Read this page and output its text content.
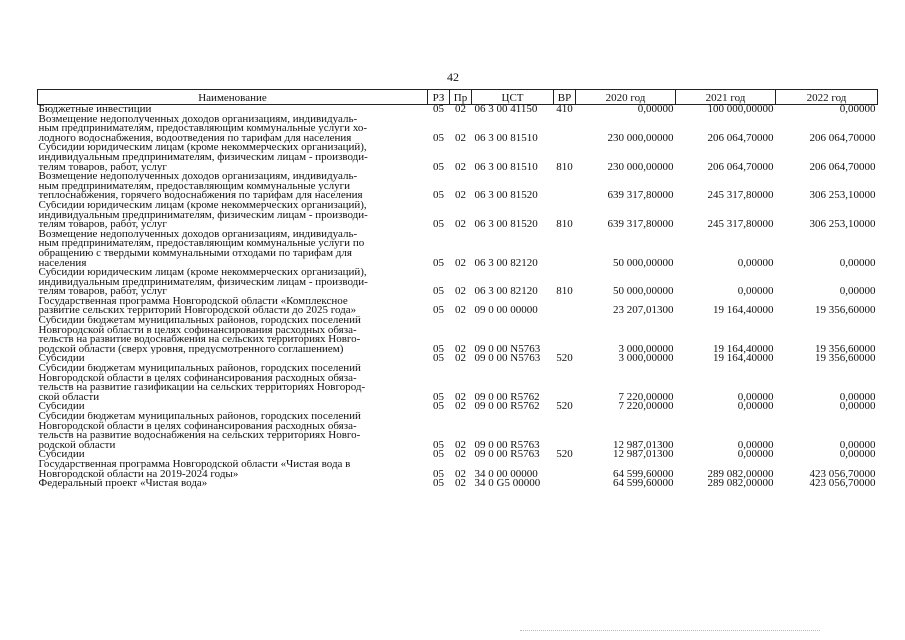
42
Наименование	РЗ	Пр	ЦСТ	ВР	2020 год	2021 год	2022 год
Бюджетные инвестиции	05	02	06 3 00 41150	410	0,00000	100 000,00000	0,00000
Возмещение недополученных доходов организациям, индивидуаль-
ным предпринимателям, предоставляющим коммунальные услуги хо-
лодного водоснабжения, водоотведения по тарифам для населения	05	02	06 3 00 81510		230 000,00000	206 064,70000	206 064,70000
Субсидии юридическим лицам (кроме некоммерческих организаций),
индивидуальным предпринимателям, физическим лицам - производи-
телям товаров, работ, услуг	05	02	06 3 00 81510	810	230 000,00000	206 064,70000	206 064,70000
Возмещение недополученных доходов организациям, индивидуаль-
ным предпринимателям, предоставляющим коммунальные услуги
теплоснабжения, горячего водоснабжения по тарифам для населения	05	02	06 3 00 81520		639 317,80000	245 317,80000	306 253,10000
Субсидии юридическим лицам (кроме некоммерческих организаций),
индивидуальным предпринимателям, физическим лицам - производи-
телям товаров, работ, услуг	05	02	06 3 00 81520	810	639 317,80000	245 317,80000	306 253,10000
Возмещение недополученных доходов организациям, индивидуаль-
ным предпринимателям, предоставляющим коммунальные услуги по
обращению с твердыми коммунальными отходами по тарифам для
населения	05	02	06 3 00 82120		50 000,00000	0,00000	0,00000
Субсидии юридическим лицам (кроме некоммерческих организаций),
индивидуальным предпринимателям, физическим лицам - производи-
телям товаров, работ, услуг	05	02	06 3 00 82120	810	50 000,00000	0,00000	0,00000
Государственная программа Новгородской области «Комплексное
развитие сельских территорий Новгородской области до 2025 года»	05	02	09 0 00 00000		23 207,01300	19 164,40000	19 356,60000
Субсидии бюджетам муниципальных районов, городских поселений
Новгородской области в целях софинансирования расходных обяза-
тельств на развитие водоснабжения на сельских территориях Новго-
родской области (сверх уровня, предусмотренного соглашением)	05	02	09 0 00 N5763		3 000,00000	19 164,40000	19 356,60000
Субсидии	05	02	09 0 00 N5763	520	3 000,00000	19 164,40000	19 356,60000
Субсидии бюджетам муниципальных районов, городских поселений
Новгородской области в целях софинансирования расходных обяза-
тельств на развитие газификации на сельских территориях Новгород-
ской области	05	02	09 0 00 R5762		7 220,00000	0,00000	0,00000
Субсидии	05	02	09 0 00 R5762	520	7 220,00000	0,00000	0,00000
Субсидии бюджетам муниципальных районов, городских поселений
Новгородской области в целях софинансирования расходных обяза-
тельств на развитие водоснабжения на сельских территориях Новго-
родской области	05	02	09 0 00 R5763		12 987,01300	0,00000	0,00000
Субсидии	05	02	09 0 00 R5763	520	12 987,01300	0,00000	0,00000
Государственная программа Новгородской области «Чистая вода в
Новгородской области на 2019-2024 годы»	05	02	34 0 00 00000		64 599,60000	289 082,00000	423 056,70000
Федеральный проект «Чистая вода»	05	02	34 0 G5 00000		64 599,60000	289 082,00000	423 056,70000
